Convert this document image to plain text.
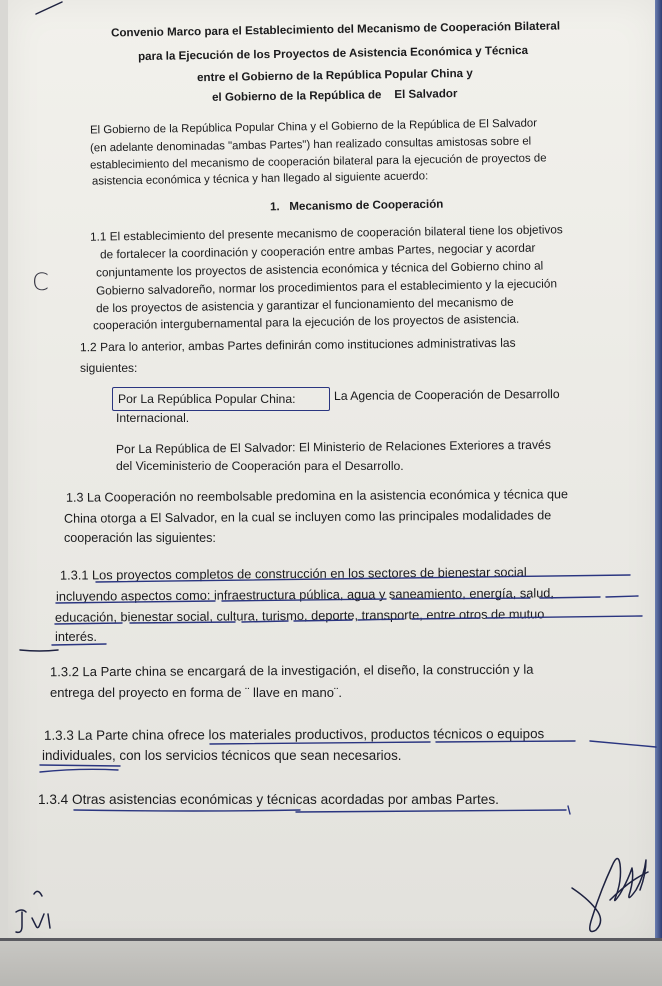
Convenio Marco para el Establecimiento del Mecanismo de Cooperación Bilateral
para la Ejecución de los Proyectos de Asistencia Económica y Técnica
entre el Gobierno de la República Popular China y
el Gobierno de la República de    El Salvador
El Gobierno de la República Popular China y el Gobierno de la República de El Salvador
(en adelante denominadas "ambas Partes") han realizado consultas amistosas sobre el
establecimiento del mecanismo de cooperación bilateral para la ejecución de proyectos de
asistencia económica y técnica y han llegado al siguiente acuerdo:
1.   Mecanismo de Cooperación
1.1 El establecimiento del presente mecanismo de cooperación bilateral tiene los objetivos
de fortalecer la coordinación y cooperación entre ambas Partes, negociar y acordar
conjuntamente los proyectos de asistencia económica y técnica del Gobierno chino al
Gobierno salvadoreño, normar los procedimientos para el establecimiento y la ejecución
de los proyectos de asistencia y garantizar el funcionamiento del mecanismo de
cooperación intergubernamental para la ejecución de los proyectos de asistencia.
1.2 Para lo anterior, ambas Partes definirán como instituciones administrativas las
siguientes:
Por La República Popular China:	La Agencia de Cooperación de Desarrollo
Internacional.
Por La República de El Salvador: El Ministerio de Relaciones Exteriores a través
del Viceministerio de Cooperación para el Desarrollo.
1.3 La Cooperación no reembolsable predomina en la asistencia económica y técnica que
China otorga a El Salvador, en la cual se incluyen como las principales modalidades de
cooperación las siguientes:
1.3.1 Los proyectos completos de construcción en los sectores de bienestar social
incluyendo aspectos como: infraestructura pública, agua y saneamiento, energía, salud,
educación, bienestar social, cultura, turismo, deporte, transporte, entre otros de mutuo
interés.
1.3.2 La Parte china se encargará de la investigación, el diseño, la construcción y la
entrega del proyecto en forma de ¨ llave en mano¨.
1.3.3 La Parte china ofrece los materiales productivos, productos técnicos o equipos
individuales, con los servicios técnicos que sean necesarios.
1.3.4 Otras asistencias económicas y técnicas acordadas por ambas Partes.
C
